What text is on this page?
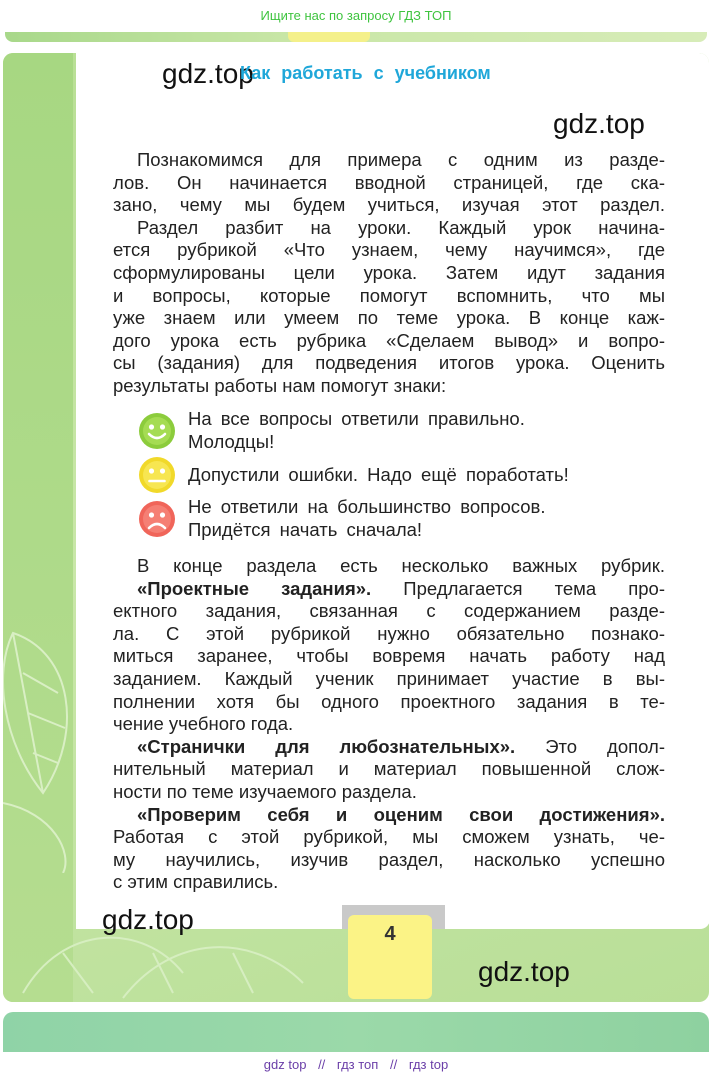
Ищите нас по запросу ГДЗ ТОП
4
gdz.top
gdz.top
gdz.top
gdz.top
Как работать с учебником
Познакомимся для примера с одним из разде-
лов. Он начинается вводной страницей, где ска-
зано, чему мы будем учиться, изучая этот раздел.
Раздел разбит на уроки. Каждый урок начина-
ется рубрикой «Что узнаем, чему научимся», где
сформулированы цели урока. Затем идут задания
и вопросы, которые помогут вспомнить, что мы
уже знаем или умеем по теме урока. В конце каж-
дого урока есть рубрика «Сделаем вывод» и вопро-
сы (задания) для подведения итогов урока. Оценить
результаты работы нам помогут знаки:
На все вопросы ответили правильно.
Молодцы!
Допустили ошибки. Надо ещё поработать!
Не ответили на большинство вопросов.
Придётся начать сначала!
В конце раздела есть несколько важных рубрик.
«Проектные задания». Предлагается тема про-
ектного задания, связанная с содержанием разде-
ла. С этой рубрикой нужно обязательно познако-
миться заранее, чтобы вовремя начать работу над
заданием. Каждый ученик принимает участие в вы-
полнении хотя бы одного проектного задания в те-
чение учебного года.
«Странички для любознательных». Это допол-
нительный материал и материал повышенной слож-
ности по теме изучаемого раздела.
«Проверим себя и оценим свои достижения».
Работая с этой рубрикой, мы сможем узнать, че-
му научились, изучив раздел, насколько успешно
с этим справились.
gdz top // гдз топ // гдз top
